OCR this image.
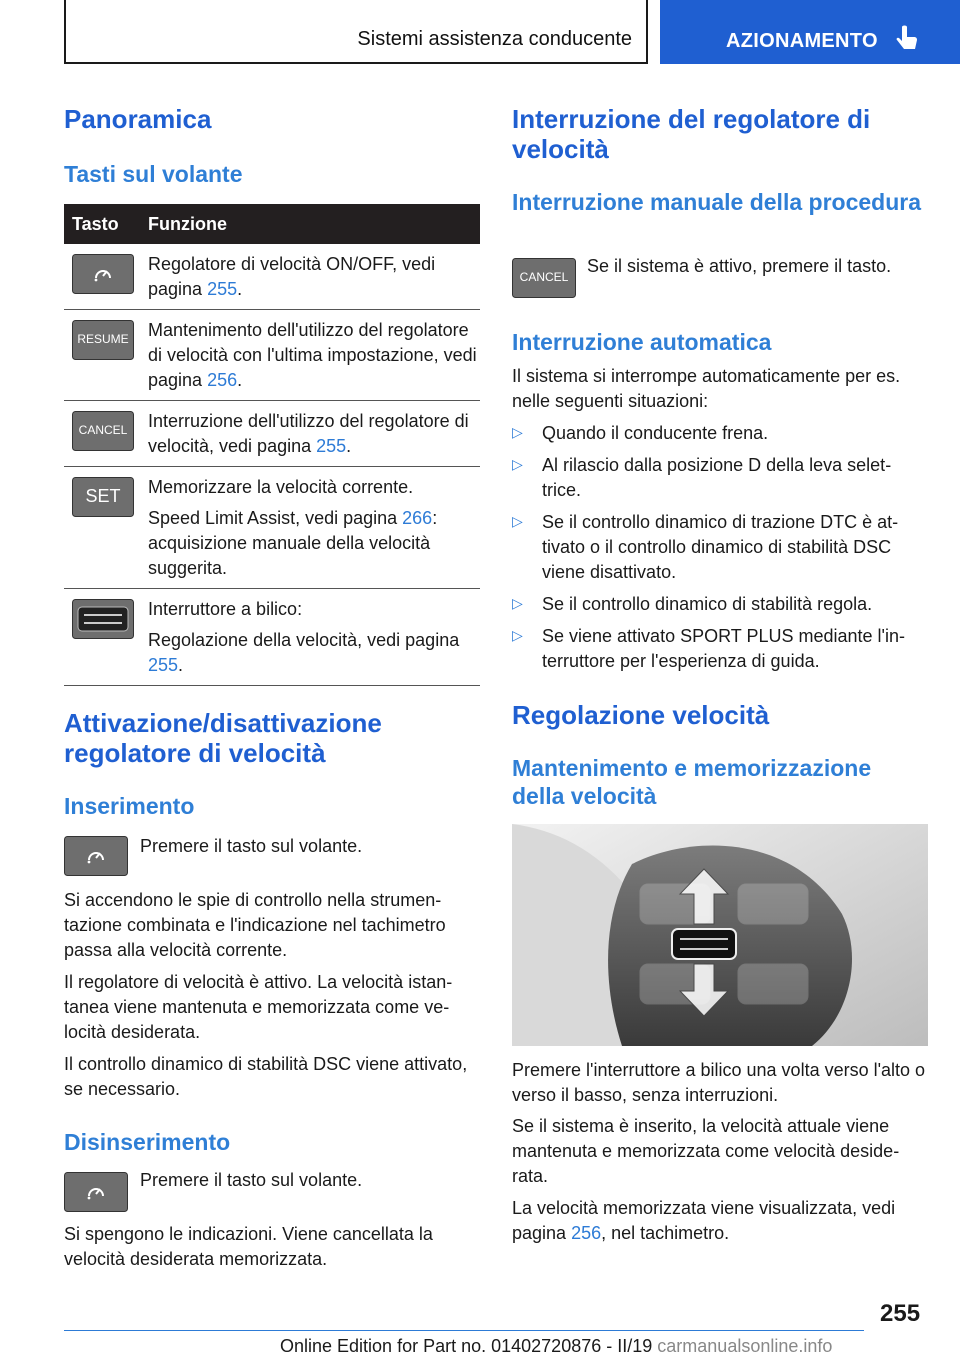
Sistemi assistenza conducente	AZIONAMENTO
Panoramica
Tasti sul volante
Tasto Funzione
Regolatore di velocità ON/OFF, vedi pagina 255.
RESUME Mantenimento dell'utilizzo del regolatore di velocità con l'ultima impostazione, vedi pagina 256.
CANCEL	Interruzione dell'utilizzo del regolatore di velocità, vedi pagina 255.
SET	Memorizzare la velocità corrente.
Speed Limit Assist, vedi pagina 266: acquisizione manuale della velocità suggerita.
Interruttore a bilico:
Regolazione della velocità, vedi pagina 255.
Attivazione/disattivazione
regolatore di velocità
Inserimento

Premere il tasto sul volante.

Si accendono le spie di controllo nella strumentazione combinata e l'indicazione nel tachimetro passa alla velocità corrente.

Il regolatore di velocità è attivo. La velocità istantanea viene mantenuta e memorizzata come velocità desiderata.

Il controllo dinamico di stabilità DSC viene attivato, se necessario.

Disinserimento

Premere il tasto sul volante.

Si spengono le indicazioni. Viene cancellata la velocità desiderata memorizzata.

Interruzione del regolatore di velocità
Interruzione manuale della procedura
CANCEL

Se il sistema è attivo, premere il tasto.

Interruzione automatica

Il sistema si interrompe automaticamente per es. nelle seguenti situazioni:

▷ Quando il conducente frena.
▷ Al rilascio dalla posizione D della leva selettrice.
▷ Se il controllo dinamico di trazione DTC è attivato o il controllo dinamico di stabilità DSC viene disattivato.
▷ Se il controllo dinamico di stabilità regola.
▷ Se viene attivato SPORT PLUS mediante l'interruttore per l'esperienza di guida.
Regolazione velocità
Mantenimento e memorizzazione della velocità

Premere l'interruttore a bilico una volta verso l'alto o verso il basso, senza interruzioni.

Se il sistema è inserito, la velocità attuale viene mantenuta e memorizzata come velocità desiderata.

La velocità memorizzata viene visualizzata, vedi pagina 256, nel tachimetro.

255

Online Edition for Part no. 01402720876 - II/19 carmanualsonline.info
